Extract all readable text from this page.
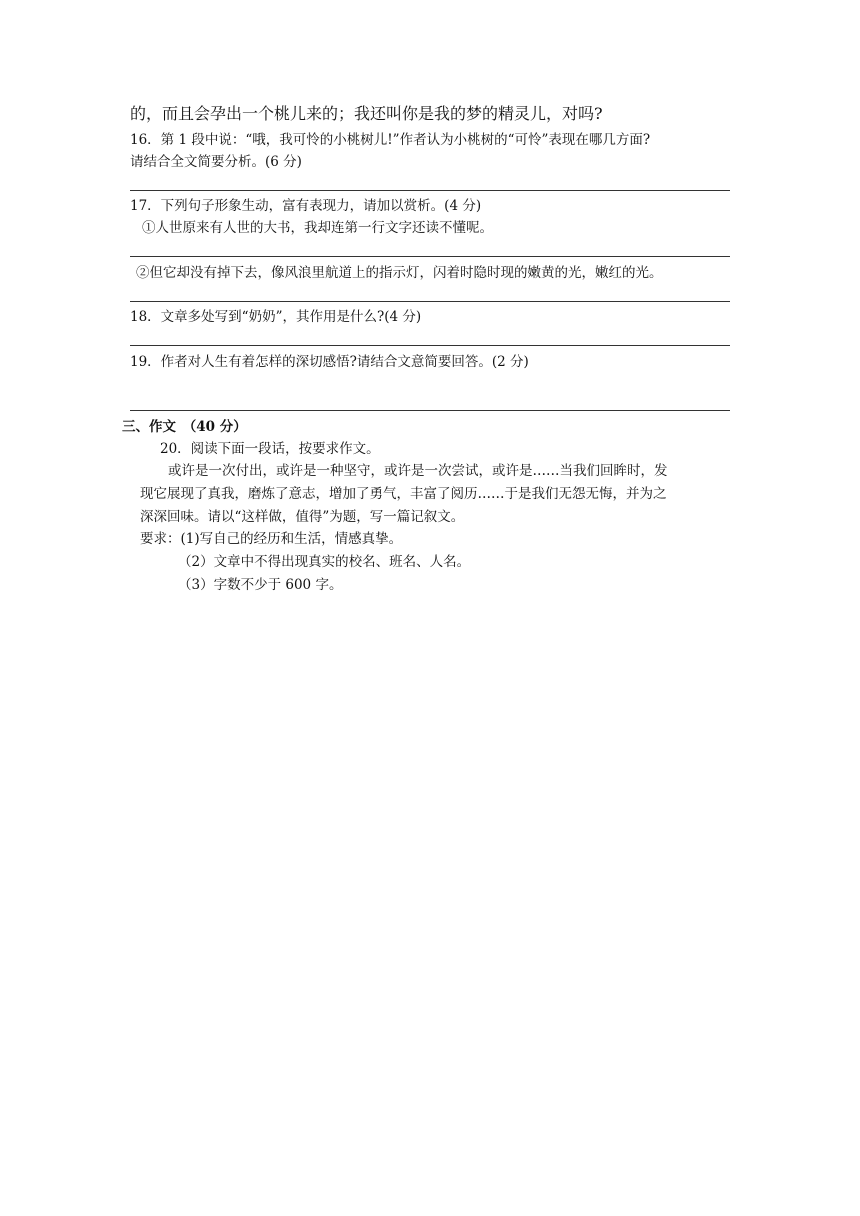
的，而且会孕出一个桃儿来的；我还叫你是我的梦的精灵儿，对吗?
16．第 1 段中说：“哦，我可怜的小桃树儿!”作者认为小桃树的“可怜”表现在哪几方面?
请结合全文简要分析。(6 分)
17．下列句子形象生动，富有表现力，请加以赏析。(4 分)
①人世原来有人世的大书，我却连第一行文字还读不懂呢。
②但它却没有掉下去，像风浪里航道上的指示灯，闪着时隐时现的嫩黄的光，嫩红的光。
18．文章多处写到“奶奶”，其作用是什么?(4 分)
19．作者对人生有着怎样的深切感悟?请结合文意简要回答。(2 分)
三、作文　（40 分）
20．阅读下面一段话，按要求作文。
或许是一次付出，或许是一种坚守，或许是一次尝试，或许是……当我们回眸时，发
现它展现了真我，磨炼了意志，增加了勇气，丰富了阅历……于是我们无怨无悔，并为之
深深回味。请以“这样做，值得”为题，写一篇记叙文。
要求：(1)写自己的经历和生活，情感真挚。
（2）文章中不得出现真实的校名、班名、人名。
（3）字数不少于 600 字。
